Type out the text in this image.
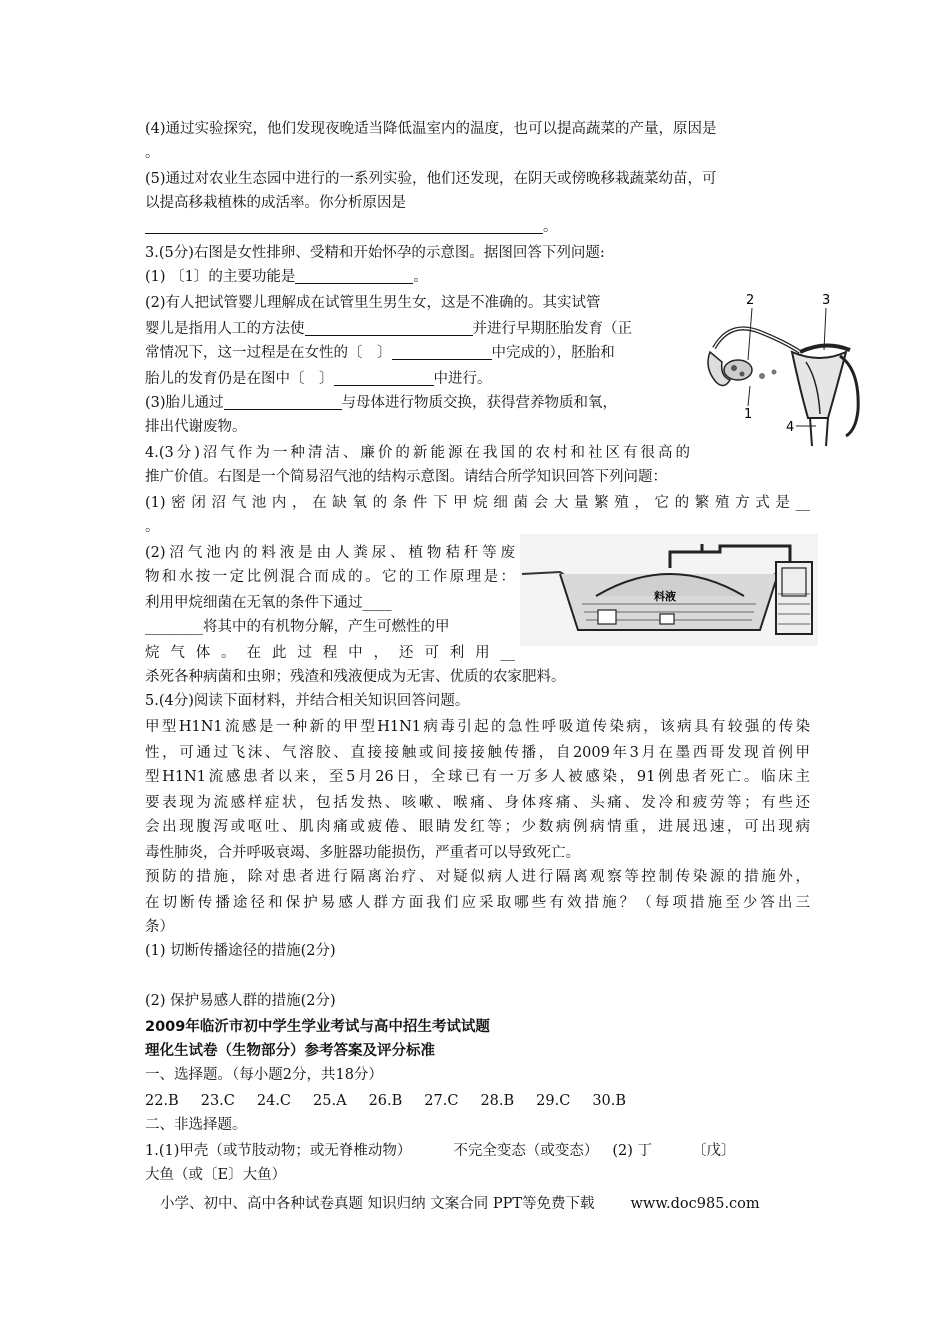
(4)通过实验探究，他们发现夜晚适当降低温室内的温度，也可以提高蔬菜的产量，原因是
。
(5)通过对农业生态园中进行的一系列实验，他们还发现，在阴天或傍晚移栽蔬菜幼苗，可
以提高移栽植株的成活率。你分析原因是
。
3.(5分)右图是女性排卵、受精和开始怀孕的示意图。据图回答下列问题:
(1) 〔1〕的主要功能是	。
(2)有人把试管婴儿理解成在试管里生男生女，这是不准确的。其实试管
婴儿是指用人工的方法使	并进行早期胚胎发育（正
常情况下，这一过程是在女性的〔　〕	中完成的），胚胎和
胎儿的发育仍是在图中〔　〕	中进行。
(3)胎儿通过	与母体进行物质交换，获得营养物质和氧，
排出代谢废物。
2	3
1
4
4.(3分)沼气作为一种清洁、廉价的新能源在我国的农村和社区有很高的
推广价值。右图是一个简易沼气池的结构示意图。请结合所学知识回答下列问题：
(1)密闭沼气池内，在缺氧的条件下甲烷细菌会大量繁殖，它的繁殖方式是__
。
(2)沼气池内的料液是由人粪尿、植物秸秆等废
物和水按一定比例混合而成的。它的工作原理是：
利用甲烷细菌在无氧的条件下通过____
________将其中的有机物分解，产生可燃性的甲
烷气体。在此过程中，还可利用__
杀死各种病菌和虫卵；残渣和残液便成为无害、优质的农家肥料。
料液
5.(4分)阅读下面材料，并结合相关知识回答问题。
甲型H1N1流感是一种新的甲型H1N1病毒引起的急性呼吸道传染病，该病具有较强的传染
性，可通过飞沫、气溶胶、直接接触或间接接触传播，自2009年3月在墨西哥发现首例甲
型H1N1流感患者以来，至5月26日，全球已有一万多人被感染，91例患者死亡。临床主
要表现为流感样症状，包括发热、咳嗽、喉痛、身体疼痛、头痛、发冷和疲劳等；有些还
会出现腹泻或呕吐、肌肉痛或疲倦、眼睛发红等；少数病例病情重，进展迅速，可出现病
毒性肺炎，合并呼吸衰竭、多脏器功能损伤，严重者可以导致死亡。
预防的措施，除对患者进行隔离治疗、对疑似病人进行隔离观察等控制传染源的措施外，
在切断传播途径和保护易感人群方面我们应采取哪些有效措施？（每项措施至少答出三
条）
(1) 切断传播途径的措施(2分)
(2) 保护易感人群的措施(2分)
2009年临沂市初中学生学业考试与高中招生考试试题
理化生试卷（生物部分）参考答案及评分标准
一、选择题。（每小题2分，共18分）
22.B 23.C 24.C 25.A 26.B 27.C 28.B 29.C 30.B
二、非选择题。
1.(1)甲壳（或节肢动物；或无脊椎动物）	不完全变态（或变态） (2) 丁	〔戊〕
大鱼（或〔E〕大鱼）
小学、初中、高中各种试卷真题 知识归纳 文案合同 PPT等免费下载 www.doc985.com
